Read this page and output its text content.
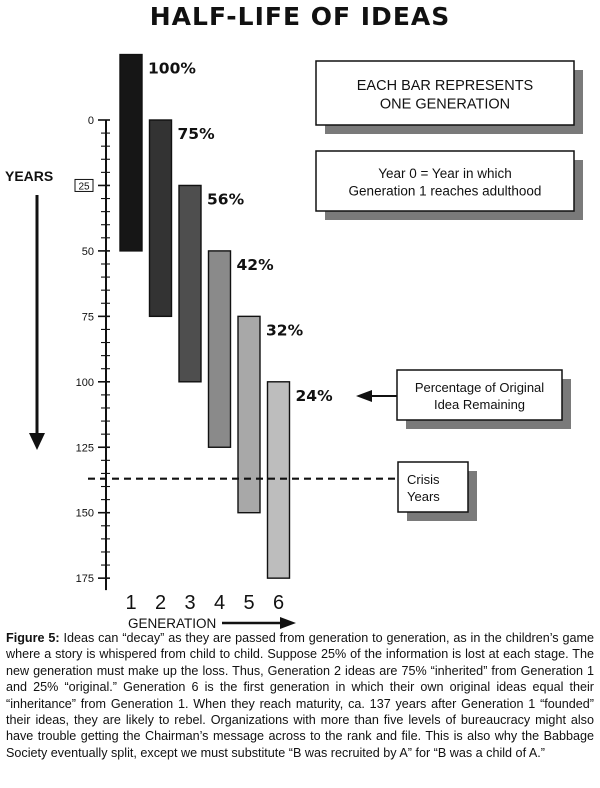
HALF-LIFE OF IDEAS
0
25
50
75
100
125
150
175
YEARS
100%
1
75%
2
56%
3
42%
4
32%
5
24%
6
GENERATION
EACH BAR REPRESENTS
ONE GENERATION
Year 0 = Year in which
Generation 1 reaches adulthood
Percentage of Original
Idea Remaining
Crisis
Years
Figure 5: Ideas can “decay” as they are passed from generation to generation, as in the children’s game where a story is whispered from child to child. Suppose 25% of the information is lost at each stage. The new generation must make up the loss. Thus, Generation 2 ideas are 75% “inherited” from Generation 1 and 25% “original.” Generation 6 is the first generation in which their own original ideas equal their “inheritance” from Generation 1. When they reach maturity, ca. 137 years after Generation 1 “founded” their ideas, they are likely to rebel. Organizations with more than five levels of bureaucracy might also have trouble getting the Chairman’s message across to the rank and file. This is also why the Babbage Society eventually split, except we must substitute “B was recruited by A” for “B was a child of A.”
